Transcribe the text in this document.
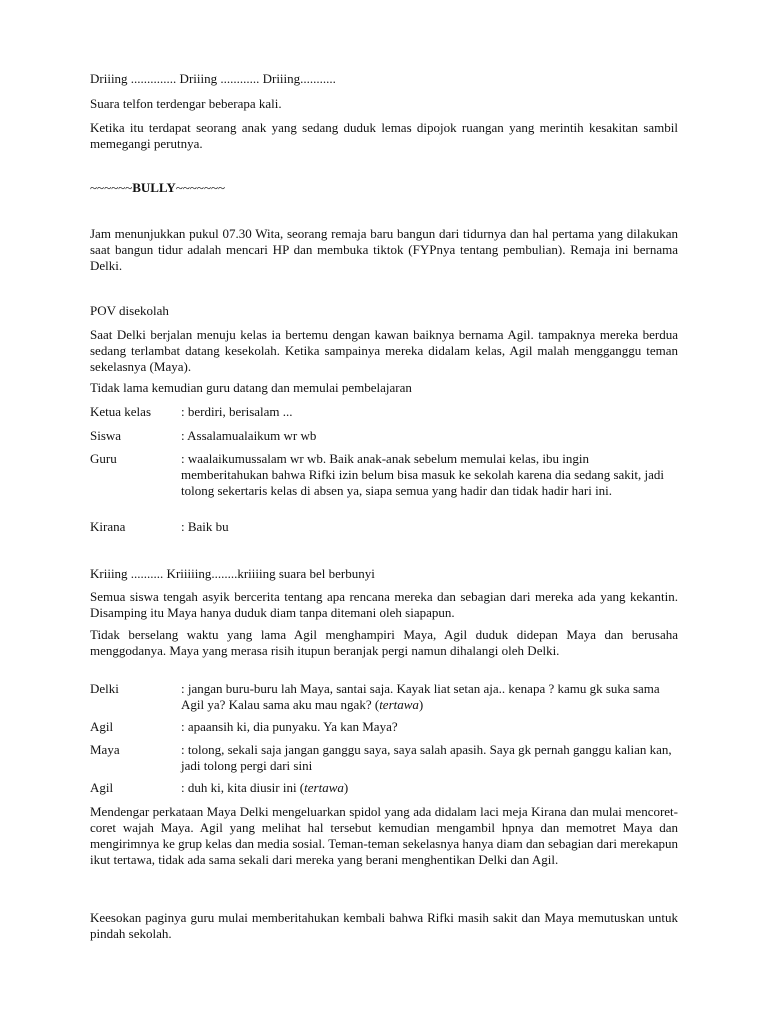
Driiing .............. Driiing ............ Driiing...........

Suara telfon terdengar beberapa kali.

Ketika itu terdapat seorang anak yang sedang duduk lemas dipojok ruangan yang merintih kesakitan sambil memegangi perutnya.

~~~~~~BULLY~~~~~~~

Jam menunjukkan pukul 07.30 Wita, seorang remaja baru bangun dari tidurnya dan hal pertama yang dilakukan saat bangun tidur adalah mencari HP dan membuka tiktok (FYPnya tentang pembulian). Remaja ini bernama Delki.

POV disekolah

Saat Delki berjalan menuju kelas ia bertemu dengan kawan baiknya bernama Agil. tampaknya mereka berdua sedang terlambat datang kesekolah. Ketika sampainya mereka didalam kelas, Agil malah mengganggu teman sekelasnya (Maya).

Tidak lama kemudian guru datang dan memulai pembelajaran

Ketua kelas : berdiri, berisalam ...

Siswa	: Assalamualaikum wr wb

Guru	: waalaikumussalam wr wb. Baik anak-anak sebelum memulai kelas, ibu ingin memberitahukan bahwa Rifki izin belum bisa masuk ke sekolah karena dia sedang sakit, jadi tolong sekertaris kelas di absen ya, siapa semua yang hadir dan tidak hadir hari ini.

Kirana	: Baik bu

Kriiing .......... Kriiiiing........kriiiing suara bel berbunyi

Semua siswa tengah asyik bercerita tentang apa rencana mereka dan sebagian dari mereka ada yang kekantin. Disamping itu Maya hanya duduk diam tanpa ditemani oleh siapapun.

Tidak berselang waktu yang lama Agil menghampiri Maya, Agil duduk didepan Maya dan berusaha menggodanya. Maya yang merasa risih itupun beranjak pergi namun dihalangi oleh Delki.

Delki	: jangan buru-buru lah Maya, santai saja. Kayak liat setan aja.. kenapa ? kamu gk suka sama Agil ya? Kalau sama aku mau ngak? (tertawa)

Agil	: apaansih ki, dia punyaku. Ya kan Maya?

Maya	: tolong, sekali saja jangan ganggu saya, saya salah apasih. Saya gk pernah ganggu kalian kan, jadi tolong pergi dari sini

Agil	: duh ki, kita diusir ini (tertawa)

Mendengar perkataan Maya Delki mengeluarkan spidol yang ada didalam laci meja Kirana dan mulai mencoret-coret wajah Maya. Agil yang melihat hal tersebut kemudian mengambil hpnya dan memotret Maya dan mengirimnya ke grup kelas dan media sosial. Teman-teman sekelasnya hanya diam dan sebagian dari merekapun ikut tertawa, tidak ada sama sekali dari mereka yang berani menghentikan Delki dan Agil.

Keesokan paginya guru mulai memberitahukan kembali bahwa Rifki masih sakit dan Maya memutuskan untuk pindah sekolah.
